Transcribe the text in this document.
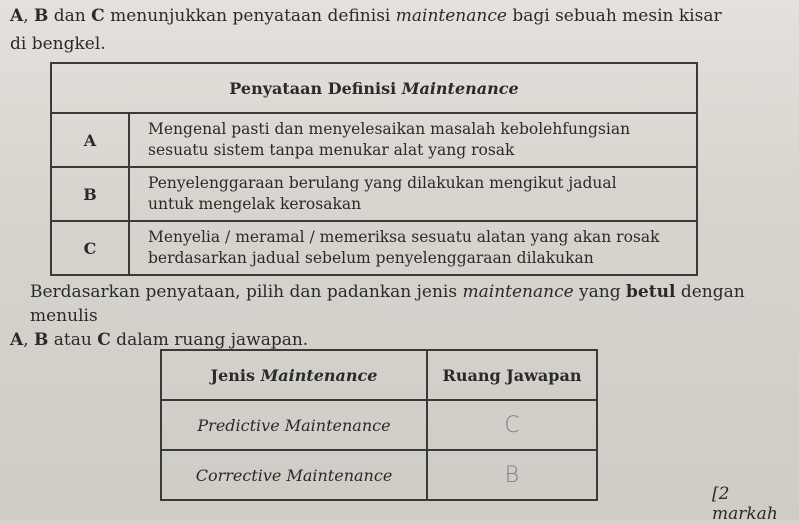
A, B dan C menunjukkan penyataan definisi maintenance bagi sebuah mesin kisar
di bengkel.
Penyataan Definisi Maintenance	
A	Mengenal pasti dan menyelesaikan masalah kebolehfungsian
sesuatu sistem tanpa menukar alat yang rosak

B	Penyelenggaraan berulang yang dilakukan mengikut jadual
untuk mengelak kerosakan

C	Menyelia / meramal / memeriksa sesuatu alatan yang akan rosak
berdasarkan jadual sebelum penyelenggaraan dilakukan
Berdasarkan penyataan, pilih dan padankan jenis maintenance yang betul dengan menulis
A, B atau C dalam ruang jawapan.
Jenis Maintenance	Ruang Jawapan
Predictive Maintenance	C
Corrective Maintenance	B
[2 markah
